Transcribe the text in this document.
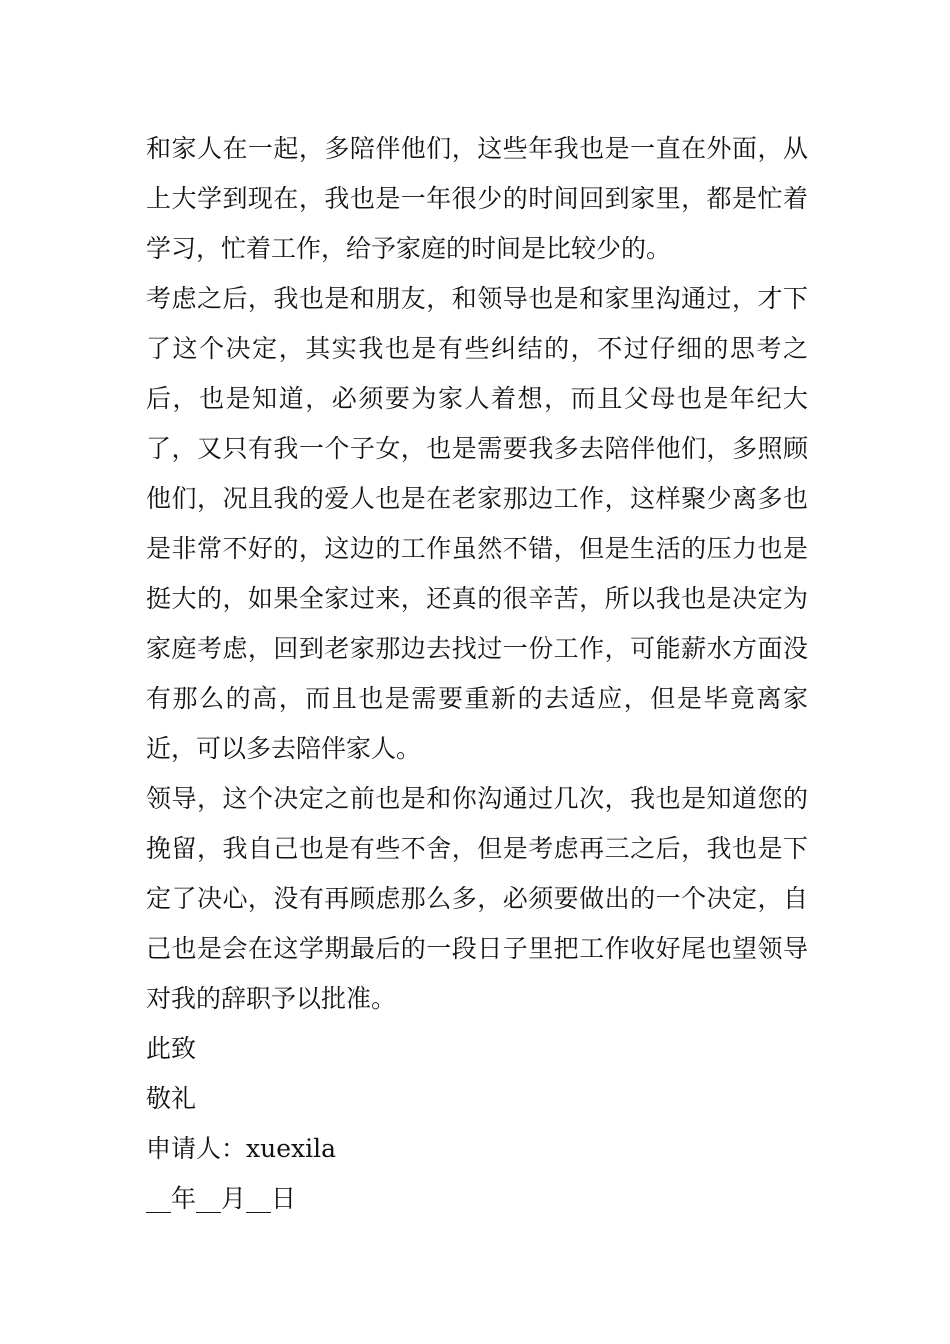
和家人在一起，多陪伴他们，这些年我也是一直在外面，从上大学到现在，我也是一年很少的时间回到家里，都是忙着学习，忙着工作，给予家庭的时间是比较少的。

考虑之后，我也是和朋友，和领导也是和家里沟通过，才下了这个决定，其实我也是有些纠结的，不过仔细的思考之后，也是知道，必须要为家人着想，而且父母也是年纪大了，又只有我一个子女，也是需要我多去陪伴他们，多照顾他们，况且我的爱人也是在老家那边工作，这样聚少离多也是非常不好的，这边的工作虽然不错，但是生活的压力也是挺大的，如果全家过来，还真的很辛苦，所以我也是决定为家庭考虑，回到老家那边去找过一份工作，可能薪水方面没有那么的高，而且也是需要重新的去适应，但是毕竟离家近，可以多去陪伴家人。

领导，这个决定之前也是和你沟通过几次，我也是知道您的挽留，我自己也是有些不舍，但是考虑再三之后，我也是下定了决心，没有再顾虑那么多，必须要做出的一个决定，自己也是会在这学期最后的一段日子里把工作收好尾也望领导对我的辞职予以批准。

此致

敬礼

申请人：xuexila

__年__月__日
